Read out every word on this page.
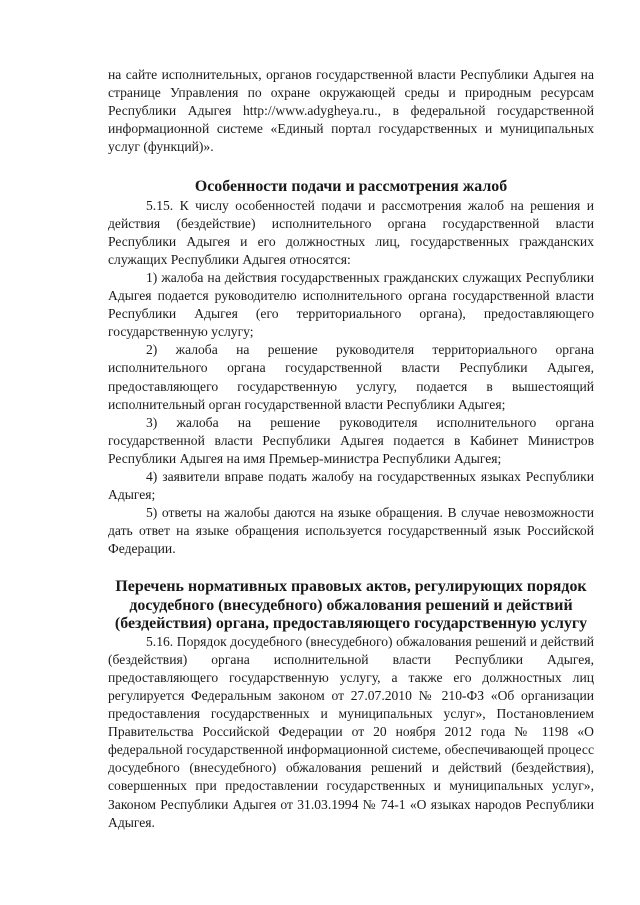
на сайте исполнительных, органов государственной власти Республики Адыгея на странице Управления по охране окружающей среды и природным ресурсам Республики Адыгея http://www.adygheya.ru., в федеральной государственной информационной системе «Единый портал государственных и муниципальных услуг (функций)».

Особенности подачи и рассмотрения жалоб

5.15. К числу особенностей подачи и рассмотрения жалоб на решения и действия (бездействие) исполнительного органа государственной власти Республики Адыгея и его должностных лиц, государственных гражданских служащих Республики Адыгея относятся:

1) жалоба на действия государственных гражданских служащих Республики Адыгея подается руководителю исполнительного органа государственной власти Республики Адыгея (его территориального органа), предоставляющего государственную услугу;

2) жалоба на решение руководителя территориального органа исполнительного органа государственной власти Республики Адыгея, предоставляющего государственную услугу, подается в вышестоящий исполнительный орган государственной власти Республики Адыгея;

3) жалоба на решение руководителя исполнительного органа государственной власти Республики Адыгея подается в Кабинет Министров Республики Адыгея на имя Премьер-министра Республики Адыгея;

4) заявители вправе подать жалобу на государственных языках Республики Адыгея;

5) ответы на жалобы даются на языке обращения. В случае невозможности дать ответ на языке обращения используется государственный язык Российской Федерации.

Перечень нормативных правовых актов, регулирующих порядок
досудебного (внесудебного) обжалования решений и действий
(бездействия) органа, предоставляющего государственную услугу

5.16. Порядок досудебного (внесудебного) обжалования решений и действий (бездействия) органа исполнительной власти Республики Адыгея, предоставляющего государственную услугу, а также его должностных лиц регулируется Федеральным законом от 27.07.2010 № 210-ФЗ «Об организации предоставления государственных и муниципальных услуг», Постановлением Правительства Российской Федерации от 20 ноября 2012 года № 1198 «О федеральной государственной информационной системе, обеспечивающей процесс досудебного (внесудебного) обжалования решений и действий (бездействия), совершенных при предоставлении государственных и муниципальных услуг», Законом Республики Адыгея от 31.03.1994 № 74-1 «О языках народов Республики Адыгея.
